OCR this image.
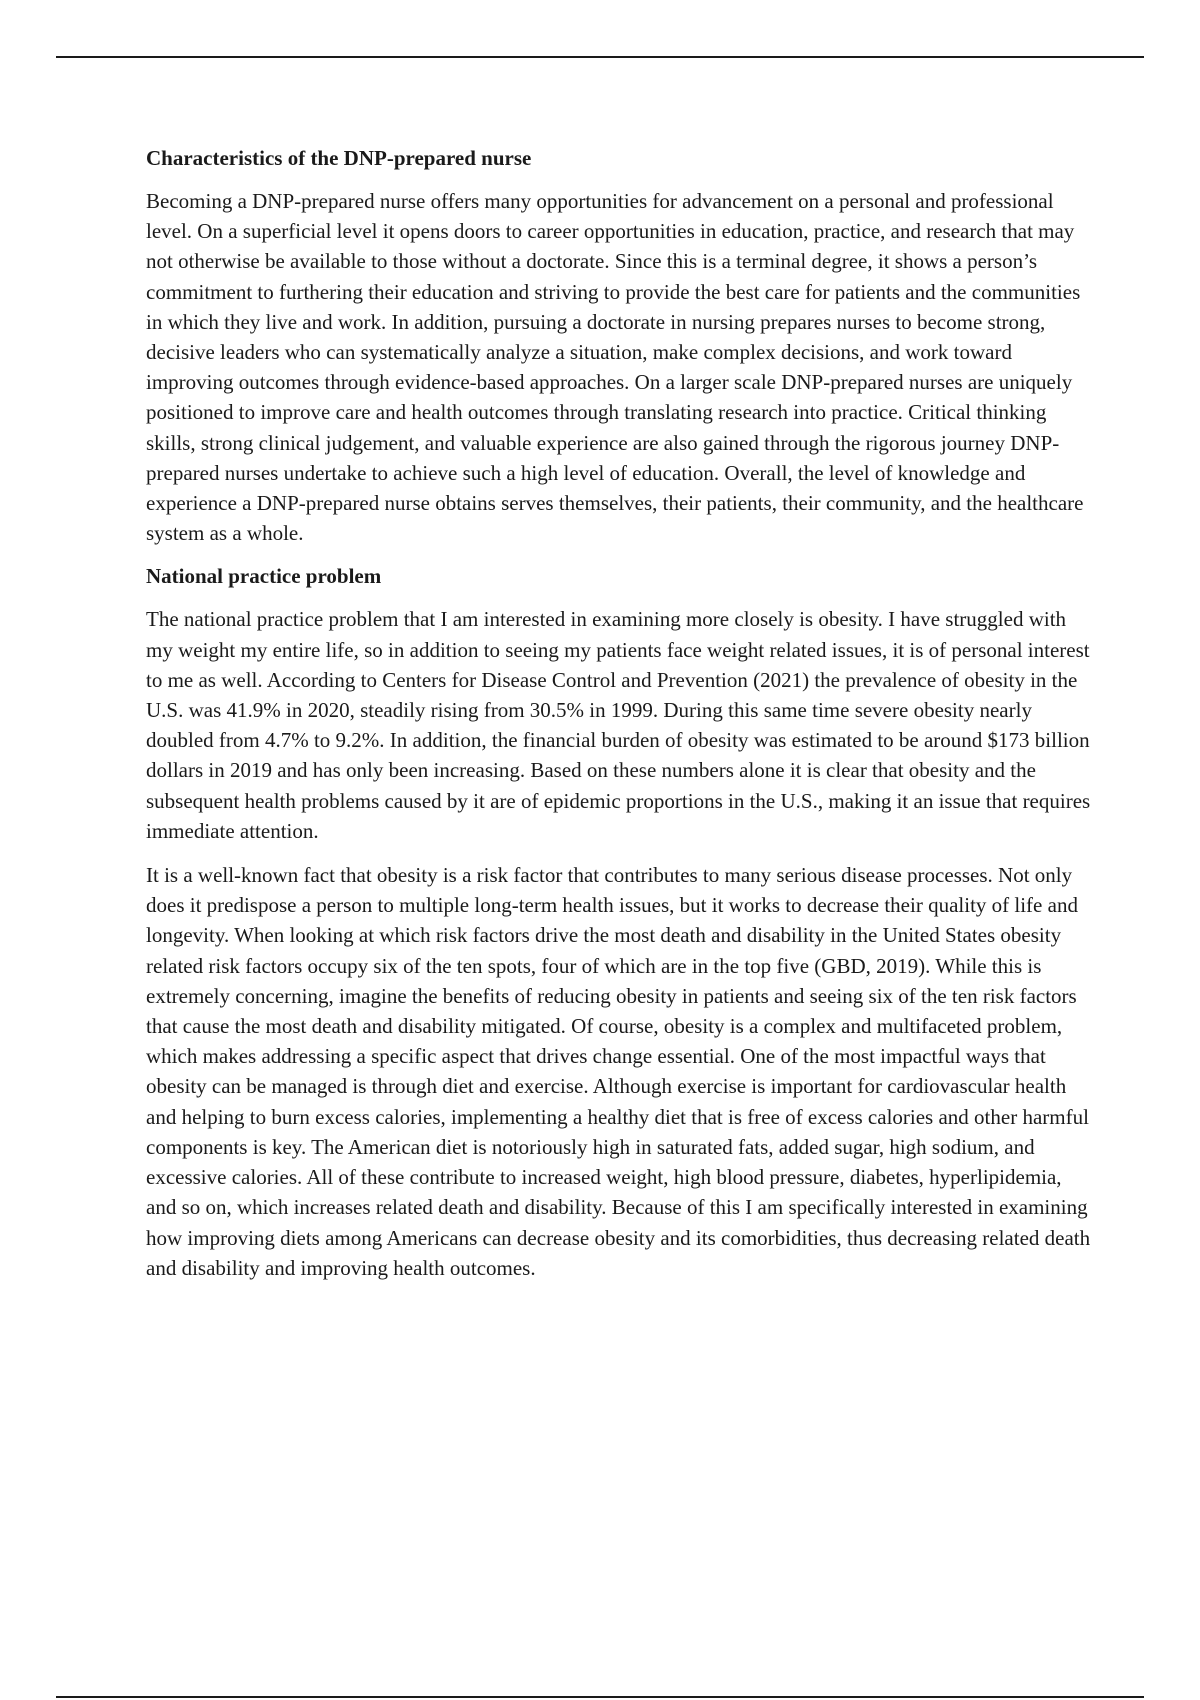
Characteristics of the DNP-prepared nurse

Becoming a DNP-prepared nurse offers many opportunities for advancement on a personal and professional level. On a superficial level it opens doors to career opportunities in education, practice, and research that may not otherwise be available to those without a doctorate. Since this is a terminal degree, it shows a person’s commitment to furthering their education and striving to provide the best care for patients and the communities in which they live and work. In addition, pursuing a doctorate in nursing prepares nurses to become strong, decisive leaders who can systematically analyze a situation, make complex decisions, and work toward improving outcomes through evidence-based approaches. On a larger scale DNP-prepared nurses are uniquely positioned to improve care and health outcomes through translating research into practice. Critical thinking skills, strong clinical judgement, and valuable experience are also gained through the rigorous journey DNP-prepared nurses undertake to achieve such a high level of education. Overall, the level of knowledge and experience a DNP-prepared nurse obtains serves themselves, their patients, their community, and the healthcare system as a whole.

National practice problem

The national practice problem that I am interested in examining more closely is obesity. I have struggled with my weight my entire life, so in addition to seeing my patients face weight related issues, it is of personal interest to me as well. According to Centers for Disease Control and Prevention (2021) the prevalence of obesity in the U.S. was 41.9% in 2020, steadily rising from 30.5% in 1999. During this same time severe obesity nearly doubled from 4.7% to 9.2%. In addition, the financial burden of obesity was estimated to be around $173 billion dollars in 2019 and has only been increasing. Based on these numbers alone it is clear that obesity and the subsequent health problems caused by it are of epidemic proportions in the U.S., making it an issue that requires immediate attention.

It is a well-known fact that obesity is a risk factor that contributes to many serious disease processes. Not only does it predispose a person to multiple long-term health issues, but it works to decrease their quality of life and longevity. When looking at which risk factors drive the most death and disability in the United States obesity related risk factors occupy six of the ten spots, four of which are in the top five (GBD, 2019). While this is extremely concerning, imagine the benefits of reducing obesity in patients and seeing six of the ten risk factors that cause the most death and disability mitigated. Of course, obesity is a complex and multifaceted problem, which makes addressing a specific aspect that drives change essential. One of the most impactful ways that obesity can be managed is through diet and exercise. Although exercise is important for cardiovascular health and helping to burn excess calories, implementing a healthy diet that is free of excess calories and other harmful components is key. The American diet is notoriously high in saturated fats, added sugar, high sodium, and excessive calories. All of these contribute to increased weight, high blood pressure, diabetes, hyperlipidemia, and so on, which increases related death and disability. Because of this I am specifically interested in examining how improving diets among Americans can decrease obesity and its comorbidities, thus decreasing related death and disability and improving health outcomes.
